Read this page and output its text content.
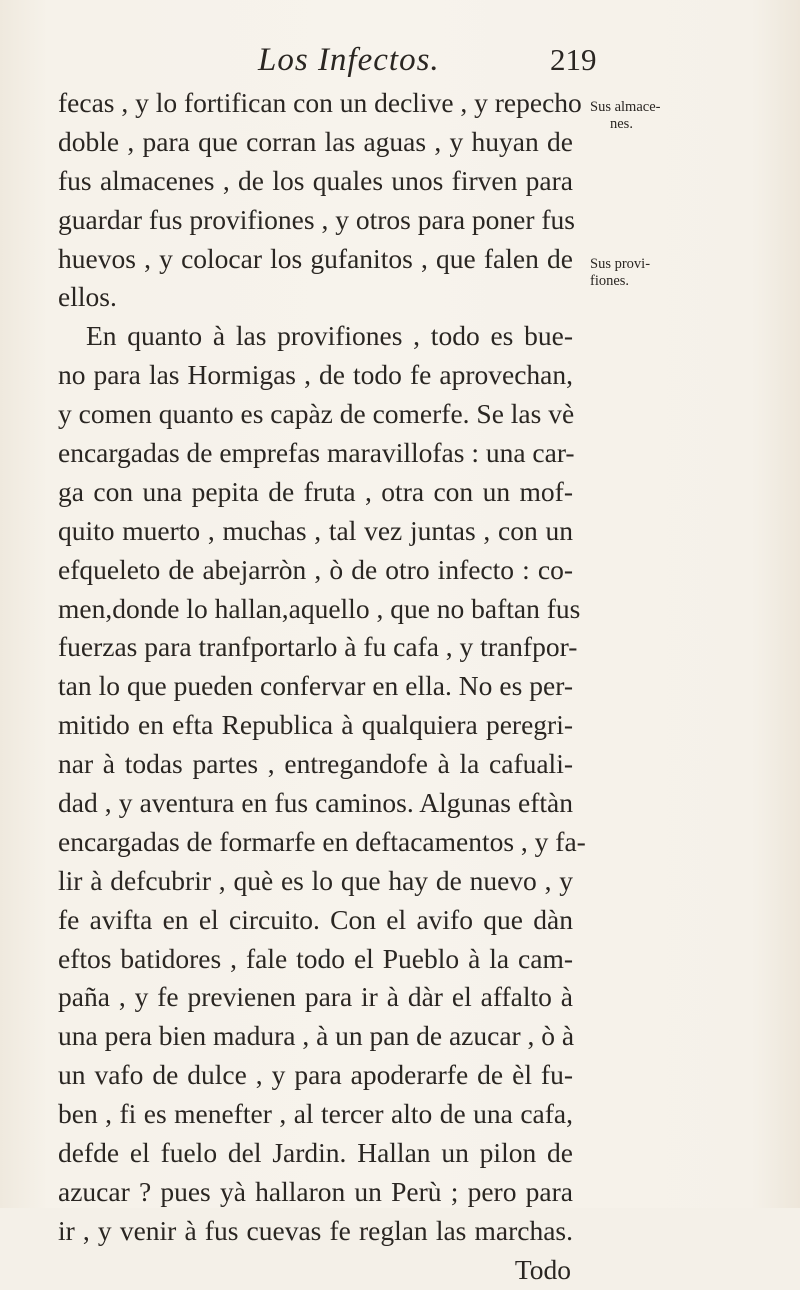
Los Infectos.	219
fecas , y lo fortifican con un declive , y repecho
doble , para que corran las aguas , y huyan de
fus almacenes , de los quales unos firven para
guardar fus provifiones , y otros para poner fus
huevos , y colocar los gufanitos , que falen de
ellos.
En quanto à las provifiones , todo es bue-
no para las Hormigas , de todo fe aprovechan,
y comen quanto es capàz de comerfe. Se las vè
encargadas de emprefas maravillofas : una car-
ga con una pepita de fruta , otra con un mof-
quito muerto , muchas , tal vez juntas , con un
efqueleto de abejarròn , ò de otro infecto : co-
men,donde lo hallan,aquello , que no baftan fus
fuerzas para tranfportarlo à fu cafa , y tranfpor-
tan lo que pueden confervar en ella. No es per-
mitido en efta Republica à qualquiera peregri-
nar à todas partes , entregandofe à la cafuali-
dad , y aventura en fus caminos. Algunas eftàn
encargadas de formarfe en deftacamentos , y fa-
lir à defcubrir , què es lo que hay de nuevo , y
fe avifta en el circuito. Con el avifo que dàn
eftos batidores , fale todo el Pueblo à la cam-
paña , y fe previenen para ir à dàr el affalto à
una pera bien madura , à un pan de azucar , ò à
un vafo de dulce , y para apoderarfe de èl fu-
ben , fi es menefter , al tercer alto de una cafa,
defde el fuelo del Jardin. Hallan un pilon de
azucar ? pues yà hallaron un Perù ; pero para
ir , y venir à fus cuevas fe reglan las marchas.
Todo
Sus almace-
nes.
Sus provi-
fiones.
